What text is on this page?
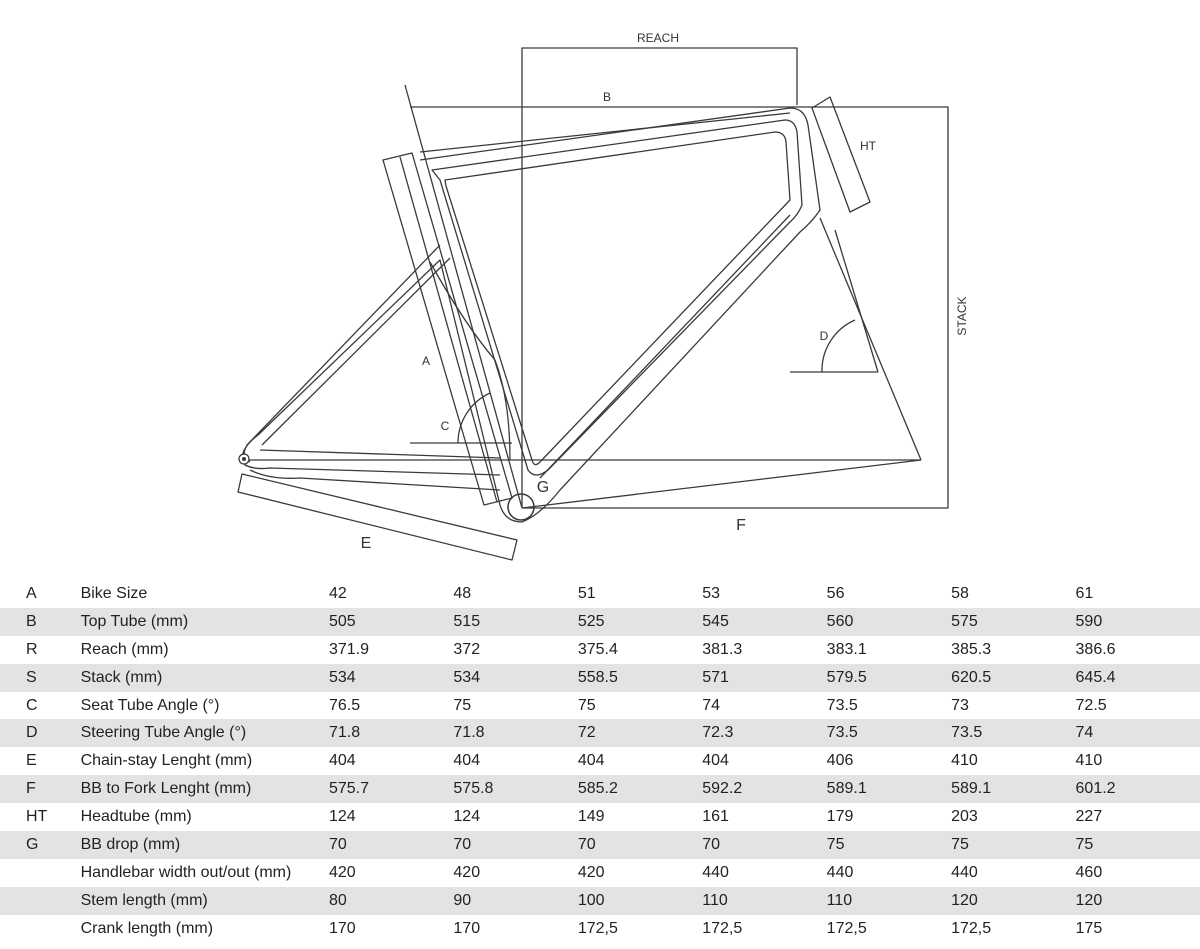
REACH
B
HT
STACK
A
C
D
G
E
F
A	Bike Size	42	48	51	53	56	58	61
B	Top Tube (mm)	505	515	525	545	560	575	590
R	Reach (mm)	371.9	372	375.4	381.3	383.1	385.3	386.6
S	Stack (mm)	534	534	558.5	571	579.5	620.5	645.4
C	Seat Tube Angle (°)	76.5	75	75	74	73.5	73	72.5
D	Steering Tube Angle (°)	71.8	71.8	72	72.3	73.5	73.5	74
E	Chain-stay Lenght (mm)	404	404	404	404	406	410	410
F	BB to Fork Lenght (mm)	575.7	575.8	585.2	592.2	589.1	589.1	601.2
HT	Headtube (mm)	124	124	149	161	179	203	227
G	BB drop (mm)	70	70	70	70	75	75	75
	Handlebar width out/out (mm)	420	420	420	440	440	440	460
	Stem length (mm)	80	90	100	110	110	120	120
	Crank length (mm)	170	170	172,5	172,5	172,5	172,5	175
